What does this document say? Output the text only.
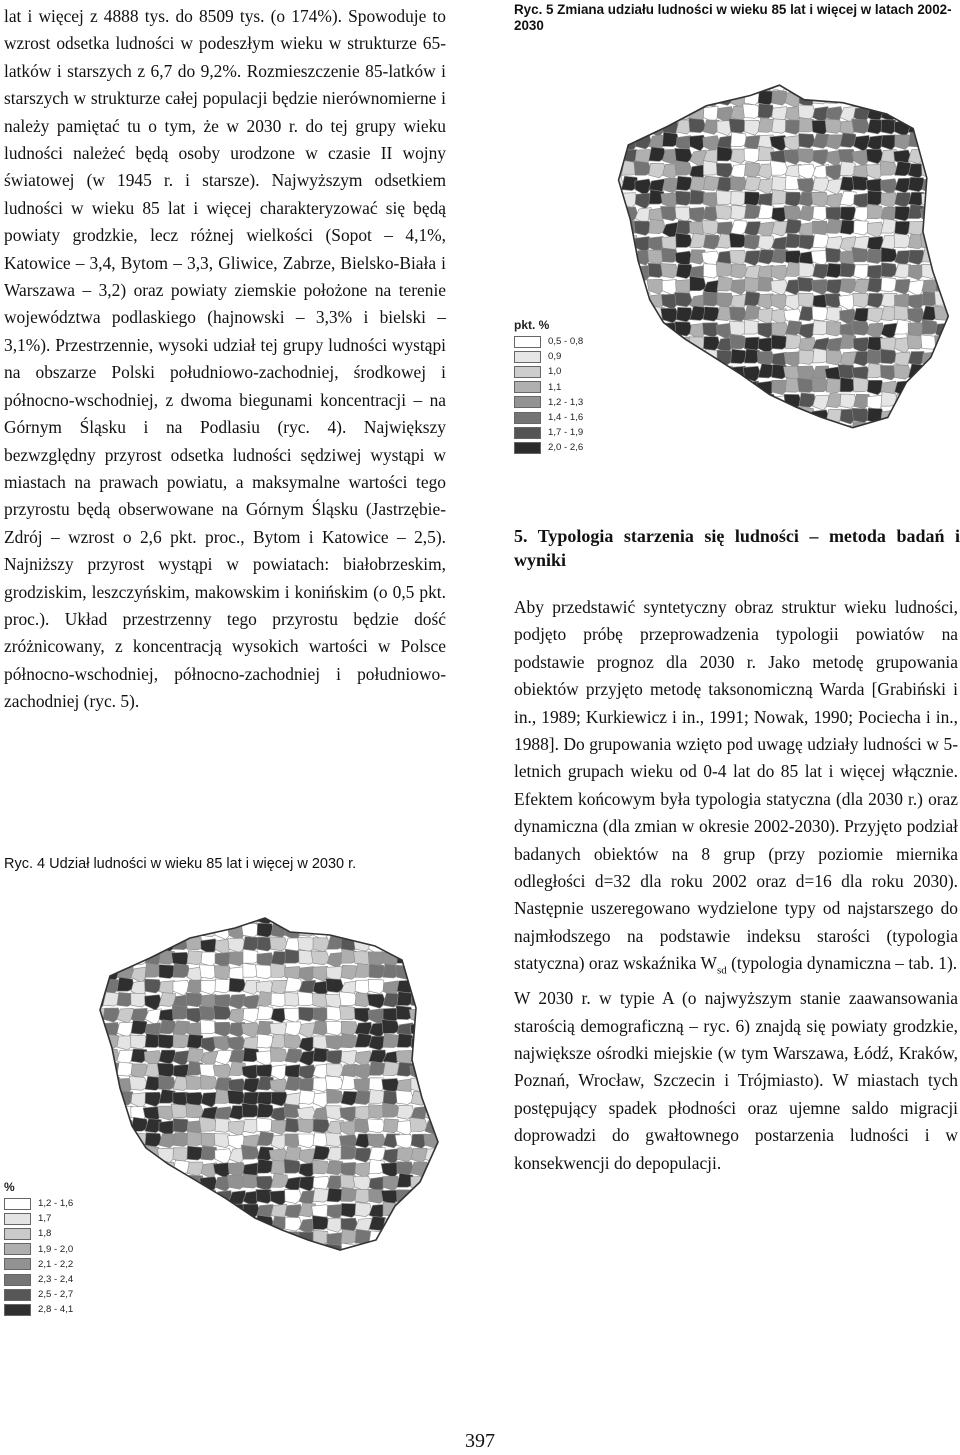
lat i więcej z 4888 tys. do 8509 tys. (o 174%). Spowoduje to wzrost odsetka ludności w podeszłym wieku w strukturze 65-latków i starszych z 6,7 do 9,2%. Rozmieszczenie 85-latków i starszych w strukturze całej populacji będzie nierównomierne i należy pamiętać tu o tym, że w 2030 r. do tej grupy wieku ludności należeć będą osoby urodzone w czasie II wojny światowej (w 1945 r. i starsze). Najwyższym odsetkiem ludności w wieku 85 lat i więcej charakteryzować się będą powiaty grodzkie, lecz różnej wielkości (Sopot – 4,1%, Katowice – 3,4, Bytom – 3,3, Gliwice, Zabrze, Bielsko-Biała i Warszawa – 3,2) oraz powiaty ziemskie położone na terenie województwa podlaskiego (hajnowski – 3,3% i bielski – 3,1%). Przestrzennie, wysoki udział tej grupy ludności wystąpi na obszarze Polski południowo-zachodniej, środkowej i północno-wschodniej, z dwoma biegunami koncentracji – na Górnym Śląsku i na Podlasiu (ryc. 4). Największy bezwzględny przyrost odsetka ludności sędziwej wystąpi w miastach na prawach powiatu, a maksymalne wartości tego przyrostu będą obserwowane na Górnym Śląsku (Jastrzębie-Zdrój – wzrost o 2,6 pkt. proc., Bytom i Katowice – 2,5). Najniższy przyrost wystąpi w powiatach: białobrzeskim, grodziskim, leszczyńskim, makowskim i konińskim (o 0,5 pkt. proc.). Układ przestrzenny tego przyrostu będzie dość zróżnicowany, z koncentracją wysokich wartości w Polsce północno-wschodniej, północno-zachodniej i południowo-zachodniej (ryc. 5).

Ryc. 4 Udział ludności w wieku 85 lat i więcej w 2030 r.
%
1,2 - 1,6
1,7
1,8
1,9 - 2,0
2,1 - 2,2
2,3 - 2,4
2,5 - 2,7
2,8 - 4,1
Ryc. 5 Zmiana udziału ludności w wieku 85 lat i więcej w latach 2002-2030
pkt. %
0,5 - 0,8
0,9
1,0
1,1
1,2 - 1,3
1,4 - 1,6
1,7 - 1,9
2,0 - 2,6
5. Typologia starzenia się ludności – metoda badań i wyniki

Aby przedstawić syntetyczny obraz struktur wieku ludności, podjęto próbę przeprowadzenia typologii powiatów na podstawie prognoz dla 2030 r. Jako metodę grupowania obiektów przyjęto metodę taksonomiczną Warda [Grabiński i in., 1989; Kurkiewicz i in., 1991; Nowak, 1990; Pociecha i in., 1988]. Do grupowania wzięto pod uwagę udziały ludności w 5-letnich grupach wieku od 0-4 lat do 85 lat i więcej włącznie. Efektem końcowym była typologia statyczna (dla 2030 r.) oraz dynamiczna (dla zmian w okresie 2002-2030). Przyjęto podział badanych obiektów na 8 grup (przy poziomie miernika odległości d=32 dla roku 2002 oraz d=16 dla roku 2030). Następnie uszeregowano wydzielone typy od najstarszego do najmłodszego na podstawie indeksu starości (typologia statyczna) oraz wskaźnika $W_{sd}$ (typologia dynamiczna – tab. 1).

W 2030 r. w typie A (o najwyższym stanie zaawansowania starością demograficzną – ryc. 6) znajdą się powiaty grodzkie, największe ośrodki miejskie (w tym Warszawa, Łódź, Kraków, Poznań, Wrocław, Szczecin i Trójmiasto). W miastach tych postępujący spadek płodności oraz ujemne saldo migracji doprowadzi do gwałtownego postarzenia ludności i w konsekwencji do depopulacji.

397
